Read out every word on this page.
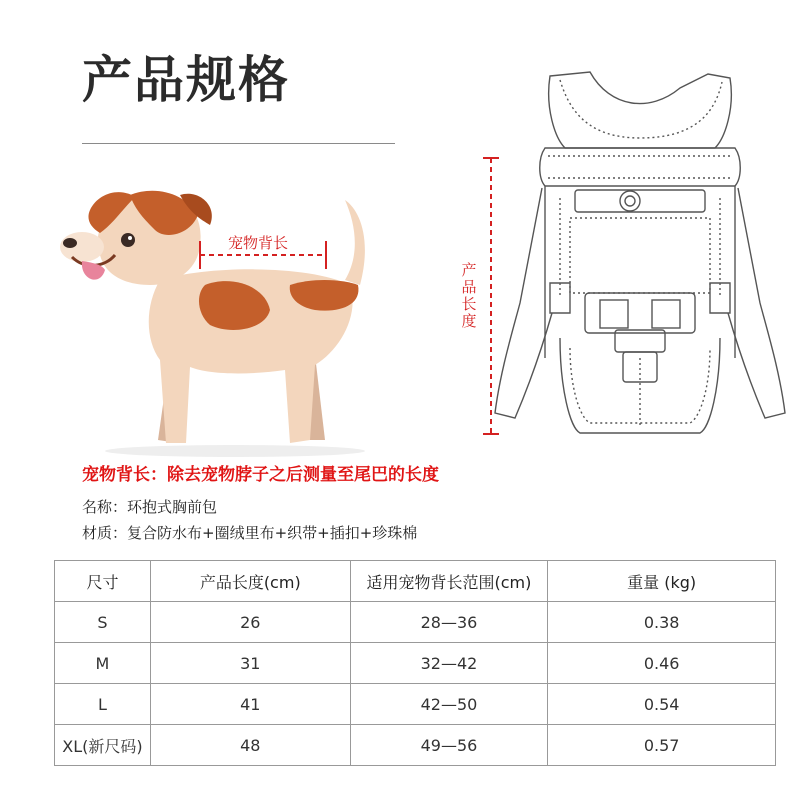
产品规格
宠物背长
产
品
长
度
宠物背长：除去宠物脖子之后测量至尾巴的长度
名称：环抱式胸前包
材质：复合防水布+圈绒里布+织带+插扣+珍珠棉
尺寸	产品长度(cm)	适用宠物背长范围(cm)	重量 (kg)
S	26	28—36	0.38
M	31	32—42	0.46
L	41	42—50	0.54
XL(新尺码)	48	49—56	0.57
